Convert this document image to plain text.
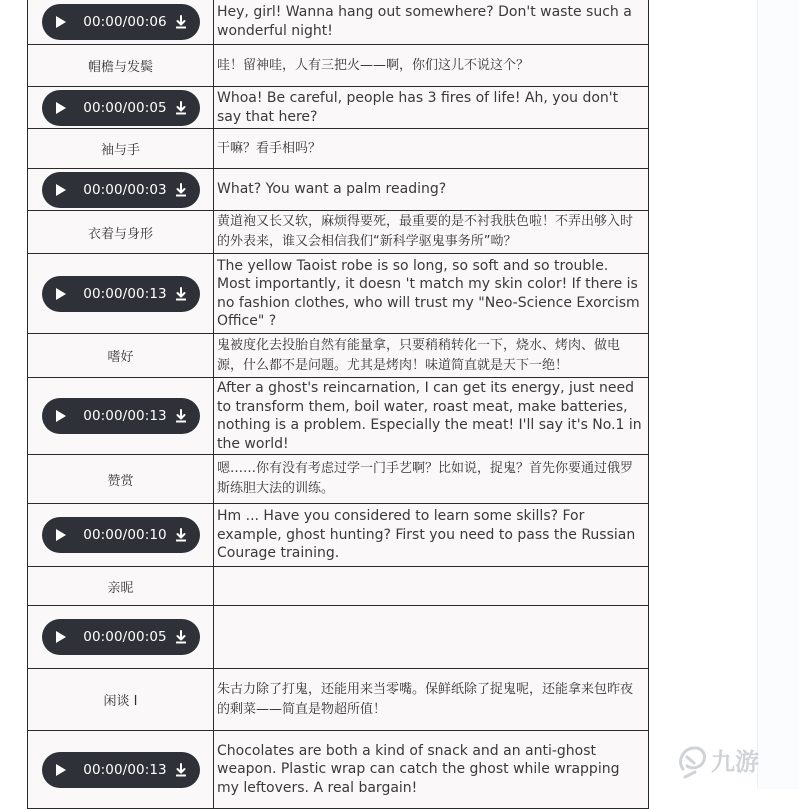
00:00/00:06	Hey, girl! Wanna hang out somewhere? Don't waste such a wonderful night!
帽檐与发鬓	哇！留神哇，人有三把火——啊，你们这儿不说这个？

00:00/00:05	Whoa! Be careful, people has 3 fires of life! Ah, you don't say that here?
袖与手	干嘛？看手相吗？

00:00/00:03	What? You want a palm reading?
衣着与身形	黄道袍又长又软，麻烦得要死，最重要的是不衬我肤色啦！不弄出够入时的外表来，谁又会相信我们“新科学驱鬼事务所”呦？

00:00/00:13	The yellow Taoist robe is so long, so soft and so trouble. Most importantly, it doesn 't match my skin color! If there is no fashion clothes, who will trust my "Neo-Science Exorcism Office" ?
嗜好	鬼被度化去投胎自然有能量拿，只要稍稍转化一下，烧水、烤肉、做电源，什么都不是问题。尤其是烤肉！味道简直就是天下一绝！

00:00/00:13	After a ghost's reincarnation, I can get its energy, just need to transform them, boil water, roast meat, make batteries, nothing is a problem. Especially the meat! I'll say it's No.1 in the world!
赞赏	嗯……你有没有考虑过学一门手艺啊？比如说，捉鬼？首先你要通过俄罗斯练胆大法的训练。

00:00/00:10	Hm ... Have you considered to learn some skills? For example, ghost hunting? First you need to pass the Russian Courage training.
亲昵	

00:00/00:05	

闲谈 I	朱古力除了打鬼，还能用来当零嘴。保鲜纸除了捉鬼呢，还能拿来包昨夜的剩菜——简直是物超所值！

00:00/00:13	Chocolates are both a kind of snack and an anti-ghost weapon. Plastic wrap can catch the ghost while wrapping my leftovers. A real bargain!
九游
